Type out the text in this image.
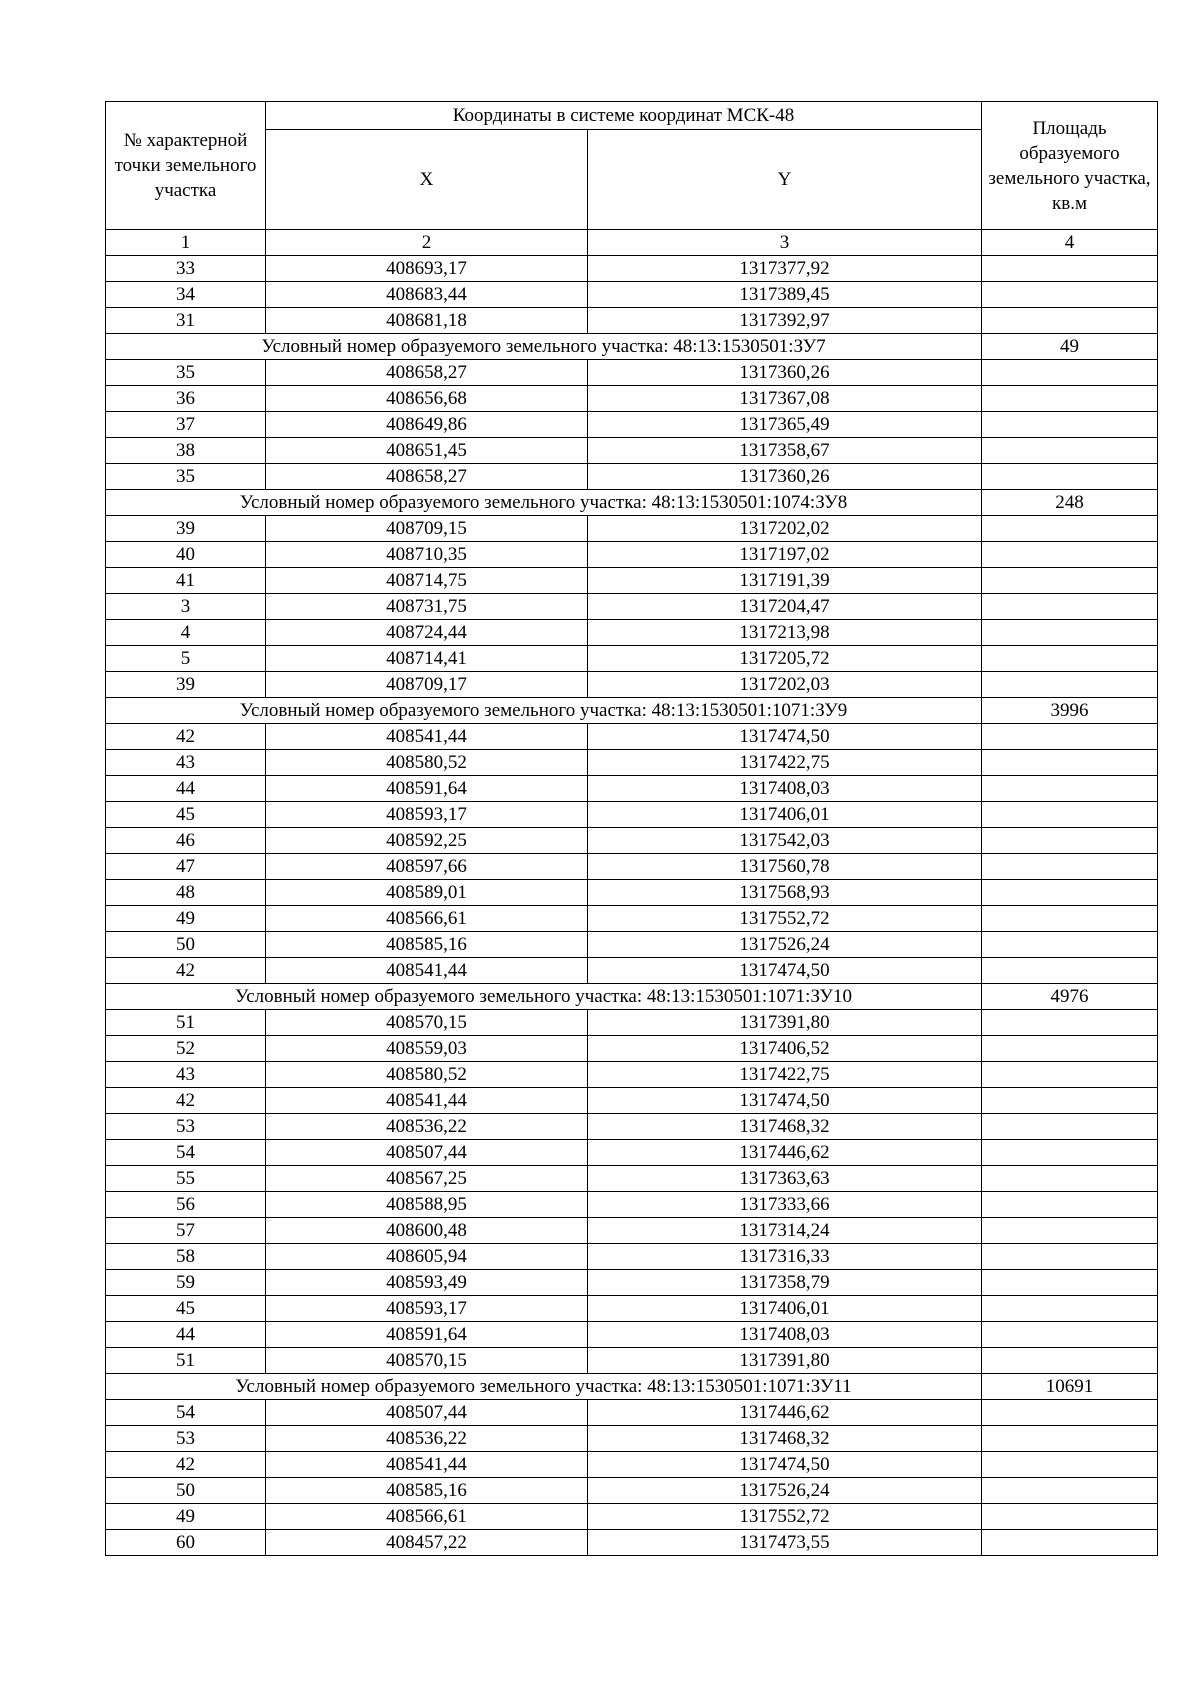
№ характерной точки земельного участка	Координаты в системе координат МСК-48		Площадь образуемого земельного участка, кв.м
	X	Y	
1	2	3	4
33	408693,17	1317377,92	
34	408683,44	1317389,45	
31	408681,18	1317392,97	
Условный номер образуемого земельного участка: 48:13:1530501:ЗУ7			49
35	408658,27	1317360,26	
36	408656,68	1317367,08	
37	408649,86	1317365,49	
38	408651,45	1317358,67	
35	408658,27	1317360,26	
Условный номер образуемого земельного участка: 48:13:1530501:1074:ЗУ8			248
39	408709,15	1317202,02	
40	408710,35	1317197,02	
41	408714,75	1317191,39	
3	408731,75	1317204,47	
4	408724,44	1317213,98	
5	408714,41	1317205,72	
39	408709,17	1317202,03	
Условный номер образуемого земельного участка: 48:13:1530501:1071:ЗУ9			3996
42	408541,44	1317474,50	
43	408580,52	1317422,75	
44	408591,64	1317408,03	
45	408593,17	1317406,01	
46	408592,25	1317542,03	
47	408597,66	1317560,78	
48	408589,01	1317568,93	
49	408566,61	1317552,72	
50	408585,16	1317526,24	
42	408541,44	1317474,50	
Условный номер образуемого земельного участка: 48:13:1530501:1071:ЗУ10			4976
51	408570,15	1317391,80	
52	408559,03	1317406,52	
43	408580,52	1317422,75	
42	408541,44	1317474,50	
53	408536,22	1317468,32	
54	408507,44	1317446,62	
55	408567,25	1317363,63	
56	408588,95	1317333,66	
57	408600,48	1317314,24	
58	408605,94	1317316,33	
59	408593,49	1317358,79	
45	408593,17	1317406,01	
44	408591,64	1317408,03	
51	408570,15	1317391,80	
Условный номер образуемого земельного участка: 48:13:1530501:1071:ЗУ11			10691
54	408507,44	1317446,62	
53	408536,22	1317468,32	
42	408541,44	1317474,50	
50	408585,16	1317526,24	
49	408566,61	1317552,72	
60	408457,22	1317473,55	
